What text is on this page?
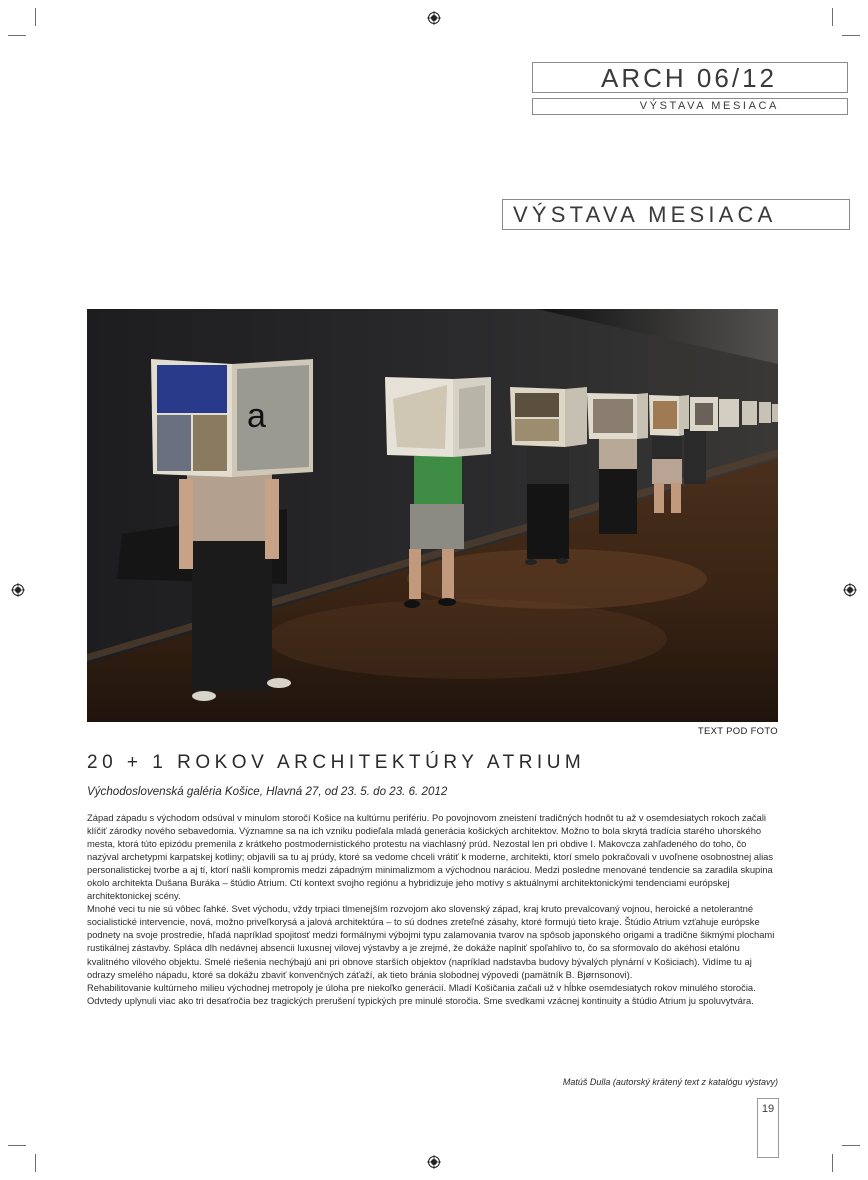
ARCH 06/12
VÝSTAVA MESIACA
VÝSTAVA MESIACA
a
TEXT POD FOTO
20 + 1 ROKOV ARCHITEKTÚRY ATRIUM
Východoslovenská galéria Košice, Hlavná 27, od 23. 5. do 23. 6. 2012

Západ západu s východom odsúval v minulom storočí Košice na kultúrnu perifériu. Po povojnovom zneistení tradičných hodnôt tu až v osemdesiatych rokoch začali klíčiť zárodky nového sebavedomia. Významne sa na ich vzniku podieľala mladá generácia košických architektov. Možno to bola skrytá tradícia starého uhorského mesta, ktorá túto epizódu premenila z krátkeho postmodernistického protestu na viachlasný prúd. Nezostal len pri obdive I. Makovcza zahľadeného do toho, čo nazýval archetypmi karpatskej kotliny; objavili sa tu aj prúdy, ktoré sa vedome chceli vrátiť k moderne, architekti, ktorí smelo pokračovali v uvoľnene osobnostnej alias personalistickej tvorbe a aj tí, ktorí našli kompromis medzi západným minimalizmom a východnou naráciou. Medzi posledne menované tendencie sa zaradila skupina okolo architekta Dušana Buráka – štúdio Atrium. Ctí kontext svojho regiónu a hybridizuje jeho motívy s aktuálnymi architektonickými tendenciami európskej architektonickej scény.

Mnohé veci tu nie sú vôbec ľahké. Svet východu, vždy trpiaci tlmenejším rozvojom ako slovenský západ, kraj kruto prevalcovaný vojnou, heroické a netolerantné socialistické intervencie, nová, možno priveľkorysá a jalová architektúra – to sú dodnes zreteľné zásahy, ktoré formujú tieto kraje. Štúdio Atrium vzťahuje európske podnety na svoje prostredie, hľadá napríklad spojitosť medzi formálnymi výbojmi typu zalamovania tvarov na spôsob japonského origami a tradične šikmými plochami rustikálnej zástavby. Spláca dlh nedávnej absencii luxusnej vilovej výstavby a je zrejmé, že dokáže naplniť spoľahlivo to, čo sa sformovalo do akéhosi etalónu kvalitného vilového objektu. Smelé riešenia nechýbajú ani pri obnove starších objektov (napríklad nadstavba budovy bývalých plynární v Košiciach). Vidíme tu aj odrazy smelého nápadu, ktoré sa dokážu zbaviť konvenčných záťaží, ak tieto bránia slobodnej výpovedi (pamätník B. Bjørnsonovi).

Rehabilitovanie kultúrneho milieu východnej metropoly je úloha pre niekoľko generácií. Mladí Košičania začali už v hĺbke osemdesiatych rokov minulého storočia. Odvtedy uplynuli viac ako tri desaťročia bez tragických prerušení typických pre minulé storočia. Sme svedkami vzácnej kontinuity a štúdio Atrium ju spoluvytvára.

Matúš Dulla (autorský krátený text z katalógu výstavy)
19
